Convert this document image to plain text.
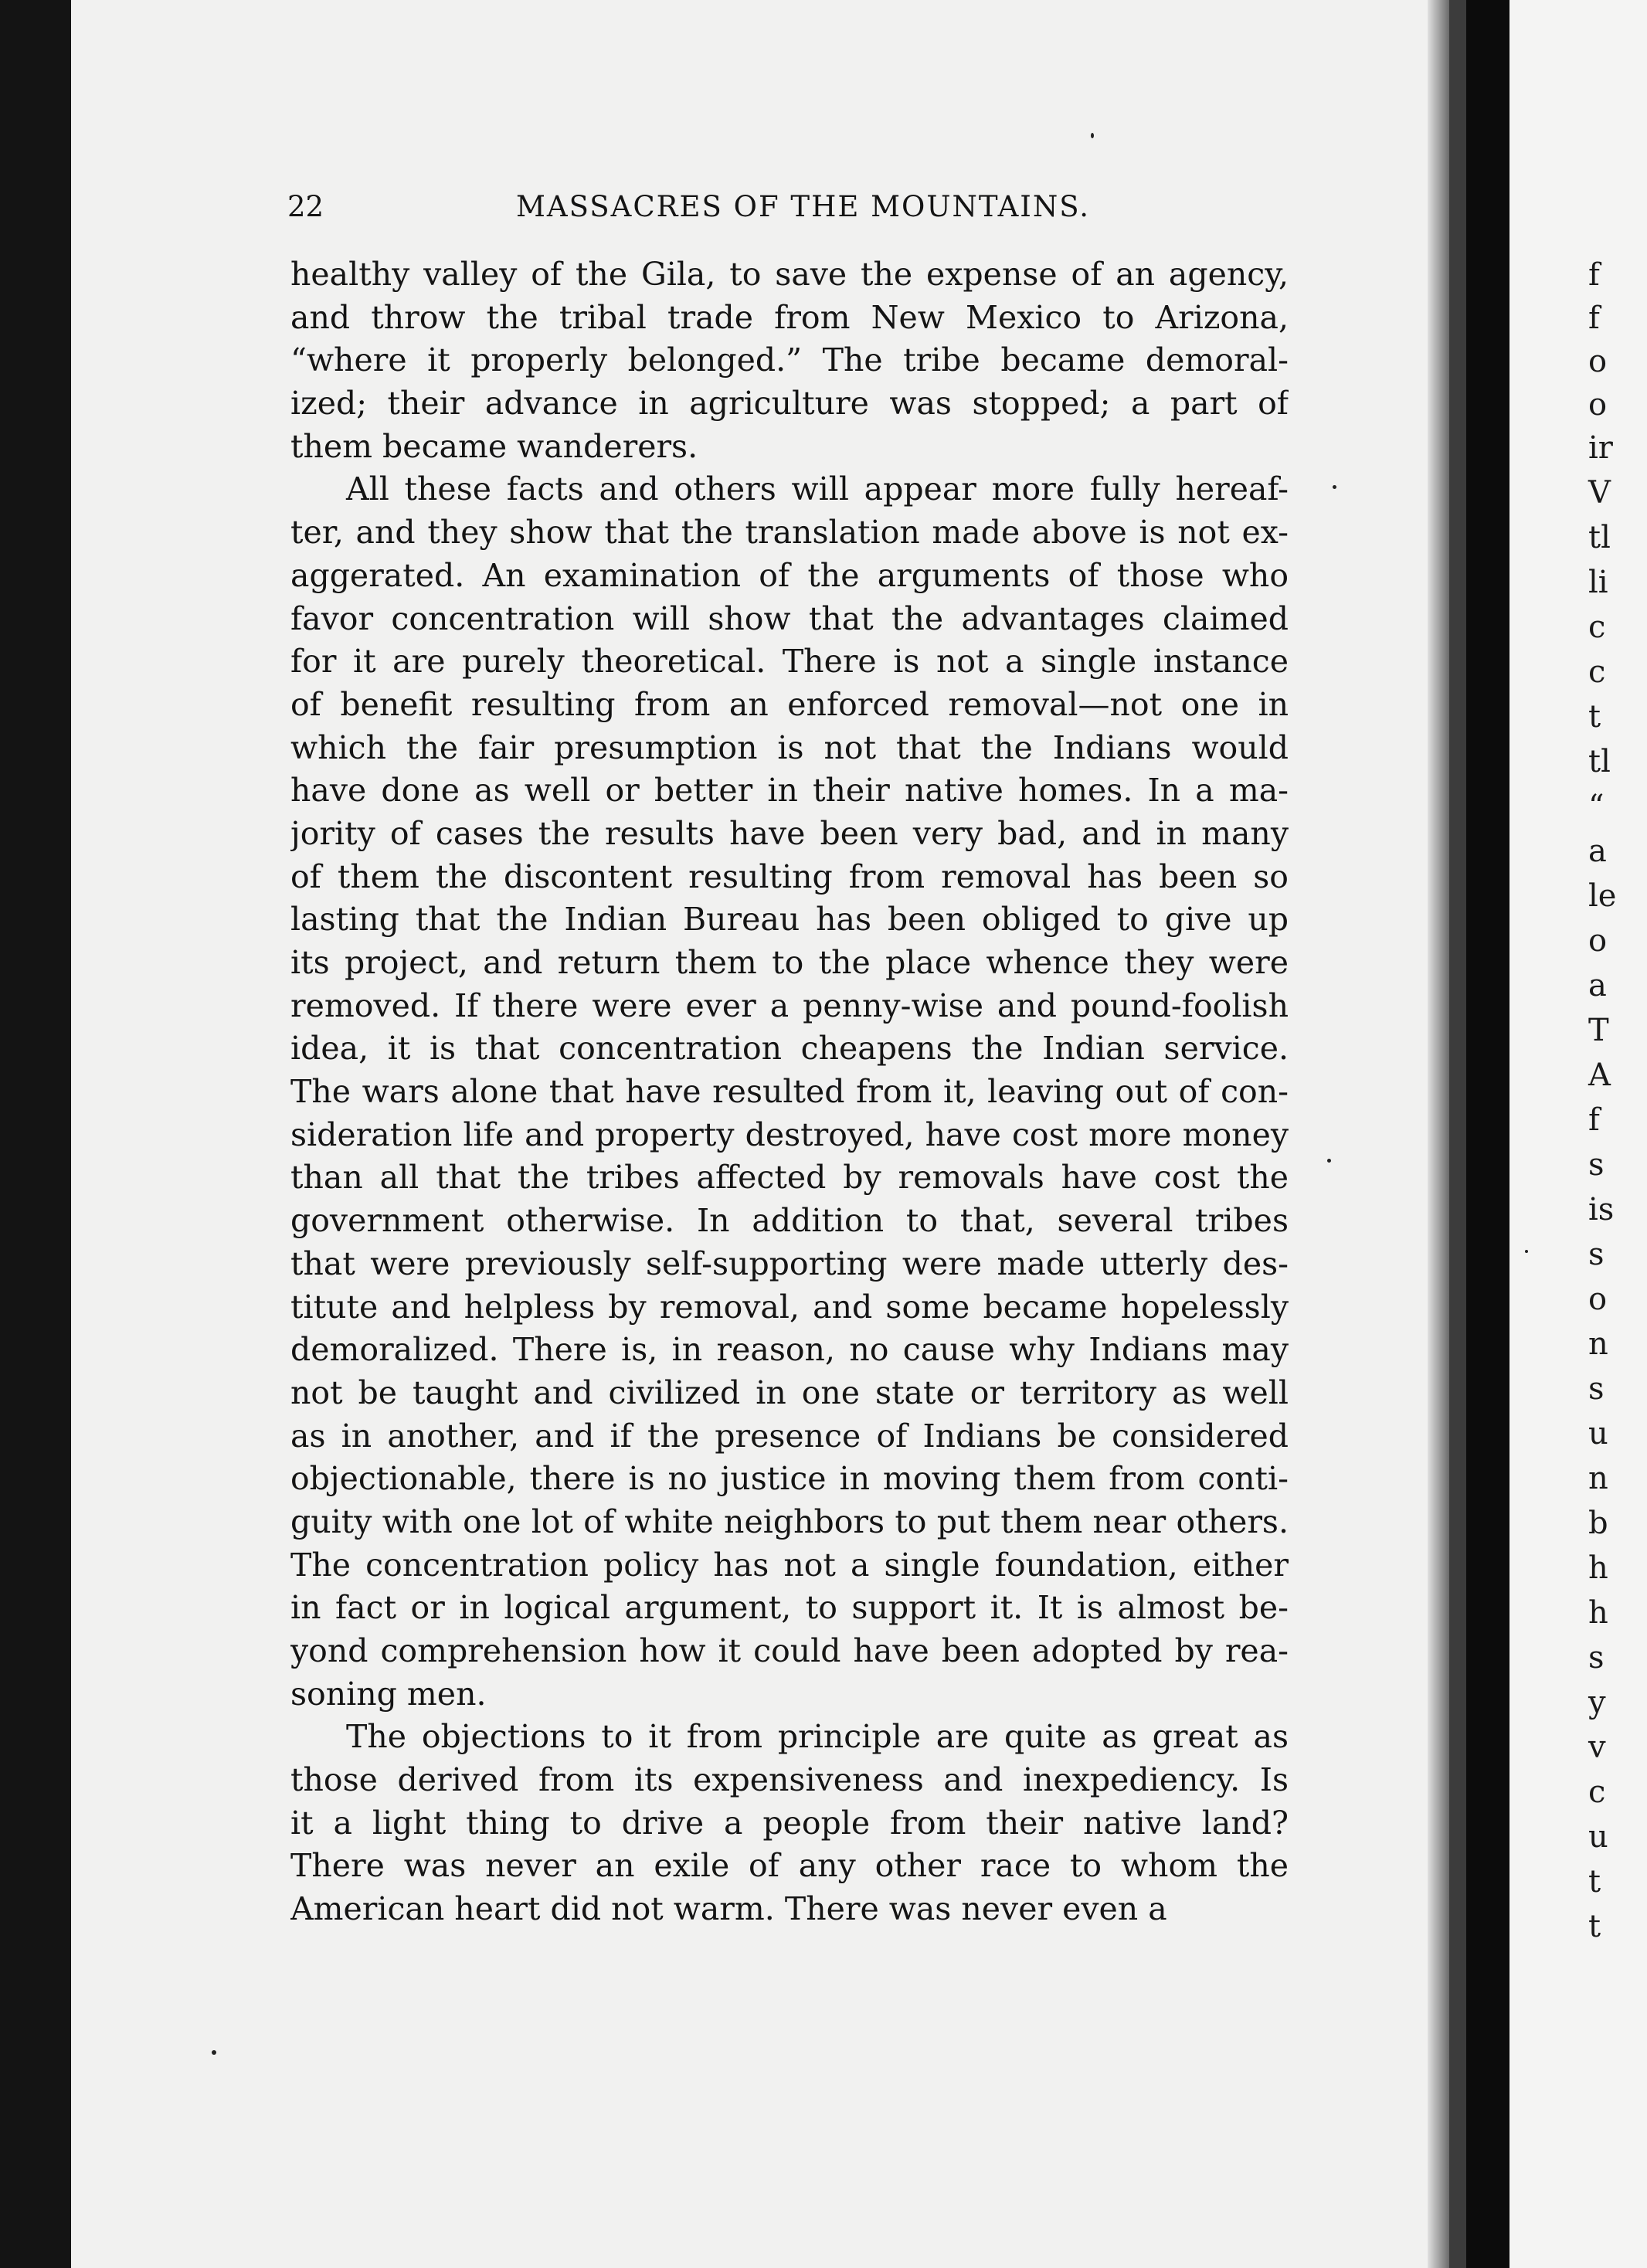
f
f
o
o
ir
V
tl
li
c
c
t
tl
“
a
le
o
a
T
A
f
s
is
s
o
n
s
u
n
b
h
h
s
y
v
c
u
t
t
22	MASSACRES OF THE MOUNTAINS.
healthy valley of the Gila, to save the expense of an agency,
and throw the tribal trade from New Mexico to Arizona,
“where it properly belonged.” The tribe became demoral-
ized; their advance in agriculture was stopped; a part of
them became wanderers.
All these facts and others will appear more fully hereaf-
ter, and they show that the translation made above is not ex-
aggerated. An examination of the arguments of those who
favor concentration will show that the advantages claimed
for it are purely theoretical. There is not a single instance
of benefit resulting from an enforced removal—not one in
which the fair presumption is not that the Indians would
have done as well or better in their native homes. In a ma-
jority of cases the results have been very bad, and in many
of them the discontent resulting from removal has been so
lasting that the Indian Bureau has been obliged to give up
its project, and return them to the place whence they were
removed. If there were ever a penny-wise and pound-foolish
idea, it is that concentration cheapens the Indian service.
The wars alone that have resulted from it, leaving out of con-
sideration life and property destroyed, have cost more money
than all that the tribes affected by removals have cost the
government otherwise. In addition to that, several tribes
that were previously self-supporting were made utterly des-
titute and helpless by removal, and some became hopelessly
demoralized. There is, in reason, no cause why Indians may
not be taught and civilized in one state or territory as well
as in another, and if the presence of Indians be considered
objectionable, there is no justice in moving them from conti-
guity with one lot of white neighbors to put them near others.
The concentration policy has not a single foundation, either
in fact or in logical argument, to support it. It is almost be-
yond comprehension how it could have been adopted by rea-
soning men.
The objections to it from principle are quite as great as
those derived from its expensiveness and inexpediency. Is
it a light thing to drive a people from their native land?
There was never an exile of any other race to whom the
American heart did not warm. There was never even a
